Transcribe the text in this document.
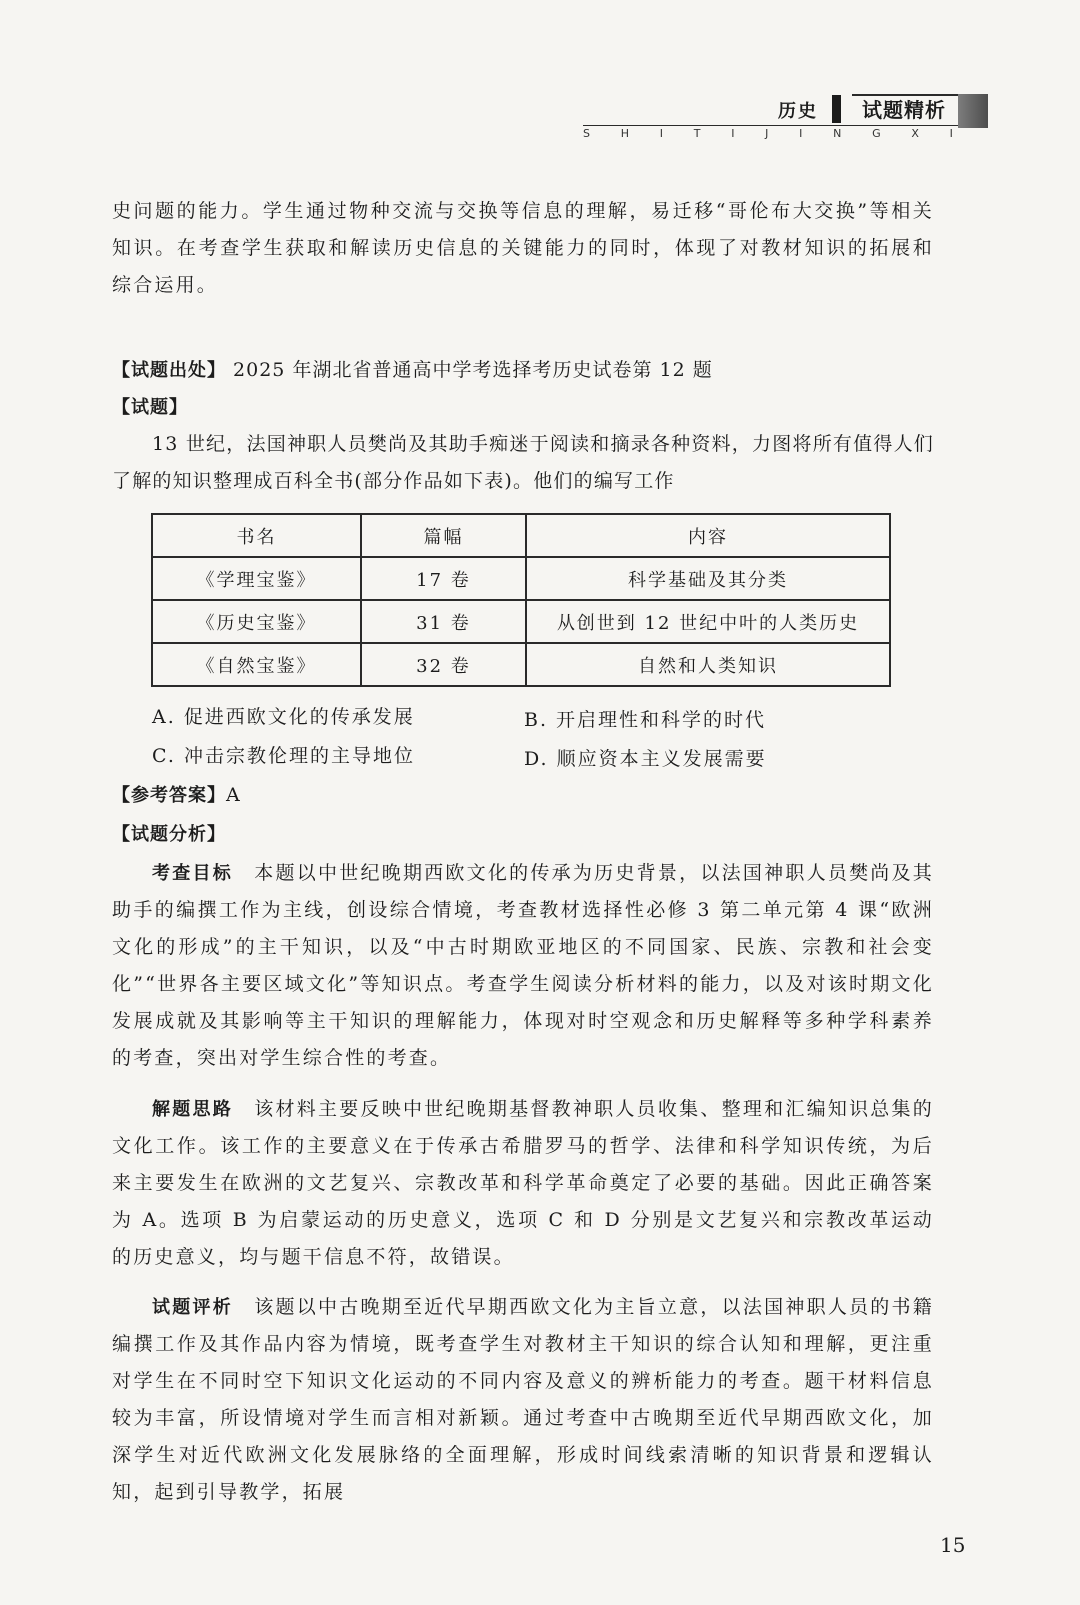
历史	试题精析
S	H	I	T	I	J	I	N	G	X	I

史问题的能力。学生通过物种交流与交换等信息的理解，易迁移“哥伦布大交换”等相关知识。在考查学生获取和解读历史信息的关键能力的同时，体现了对教材知识的拓展和综合运用。

【试题出处】 2025 年湖北省普通高中学考选择考历史试卷第 12 题
【试题】

13 世纪，法国神职人员樊尚及其助手痴迷于阅读和摘录各种资料，力图将所有值得人们了解的知识整理成百科全书(部分作品如下表)。他们的编写工作

书名	篇幅	内容
《学理宝鉴》	17 卷	科学基础及其分类
《历史宝鉴》	31 卷	从创世到 12 世纪中叶的人类历史
《自然宝鉴》	32 卷	自然和人类知识
A. 促进西欧文化的传承发展	B. 开启理性和科学的时代
C. 冲击宗教伦理的主导地位	D. 顺应资本主义发展需要
【参考答案】A
【试题分析】

考查目标　 本题以中世纪晚期西欧文化的传承为历史背景，以法国神职人员樊尚及其助手的编撰工作为主线，创设综合情境，考查教材选择性必修 3 第二单元第 4 课“欧洲文化的形成”的主干知识，以及“中古时期欧亚地区的不同国家、民族、宗教和社会变化”“世界各主要区域文化”等知识点。考查学生阅读分析材料的能力，以及对该时期文化发展成就及其影响等主干知识的理解能力，体现对时空观念和历史解释等多种学科素养的考查，突出对学生综合性的考查。

解题思路　 该材料主要反映中世纪晚期基督教神职人员收集、整理和汇编知识总集的文化工作。该工作的主要意义在于传承古希腊罗马的哲学、法律和科学知识传统，为后来主要发生在欧洲的文艺复兴、宗教改革和科学革命奠定了必要的基础。因此正确答案为 A。选项 B 为启蒙运动的历史意义，选项 C 和 D 分别是文艺复兴和宗教改革运动的历史意义，均与题干信息不符，故错误。

试题评析　 该题以中古晚期至近代早期西欧文化为主旨立意，以法国神职人员的书籍编撰工作及其作品内容为情境，既考查学生对教材主干知识的综合认知和理解，更注重对学生在不同时空下知识文化运动的不同内容及意义的辨析能力的考查。题干材料信息较为丰富，所设情境对学生而言相对新颖。通过考查中古晚期至近代早期西欧文化，加深学生对近代欧洲文化发展脉络的全面理解，形成时间线索清晰的知识背景和逻辑认知，起到引导教学，拓展

15
